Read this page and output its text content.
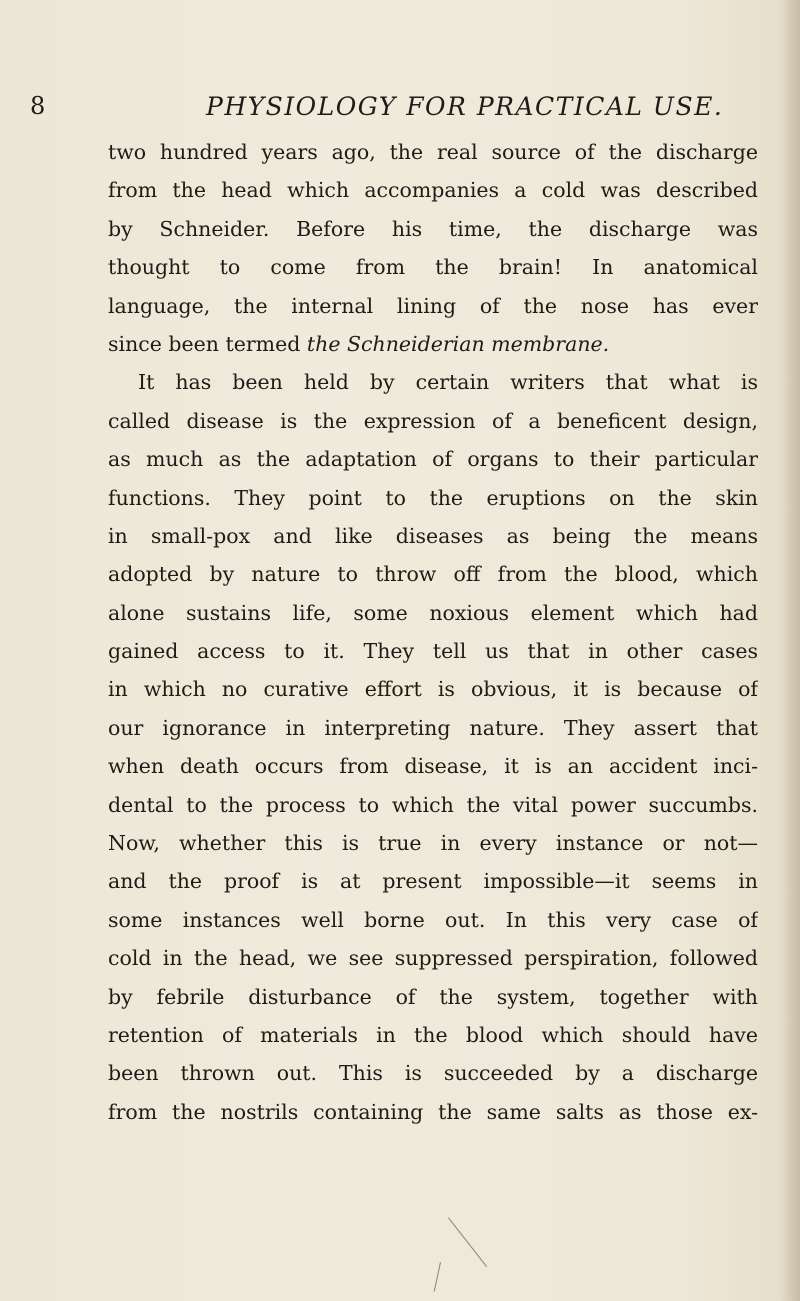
8	PHYSIOLOGY FOR PRACTICAL USE.
two hundred years ago, the real source of the discharge
from the head which accompanies a cold was described
by Schneider. Before his time, the discharge was
thought to come from the brain! In anatomical
language, the internal lining of the nose has ever
since been termed the Schneiderian membrane.
It has been held by certain writers that what is
called disease is the expression of a beneficent design,
as much as the adaptation of organs to their particular
functions. They point to the eruptions on the skin
in small-pox and like diseases as being the means
adopted by nature to throw off from the blood, which
alone sustains life, some noxious element which had
gained access to it. They tell us that in other cases
in which no curative effort is obvious, it is because of
our ignorance in interpreting nature. They assert that
when death occurs from disease, it is an accident inci-
dental to the process to which the vital power succumbs.
Now, whether this is true in every instance or not—
and the proof is at present impossible—it seems in
some instances well borne out. In this very case of
cold in the head, we see suppressed perspiration, followed
by febrile disturbance of the system, together with
retention of materials in the blood which should have
been thrown out. This is succeeded by a discharge
from the nostrils containing the same salts as those ex-
